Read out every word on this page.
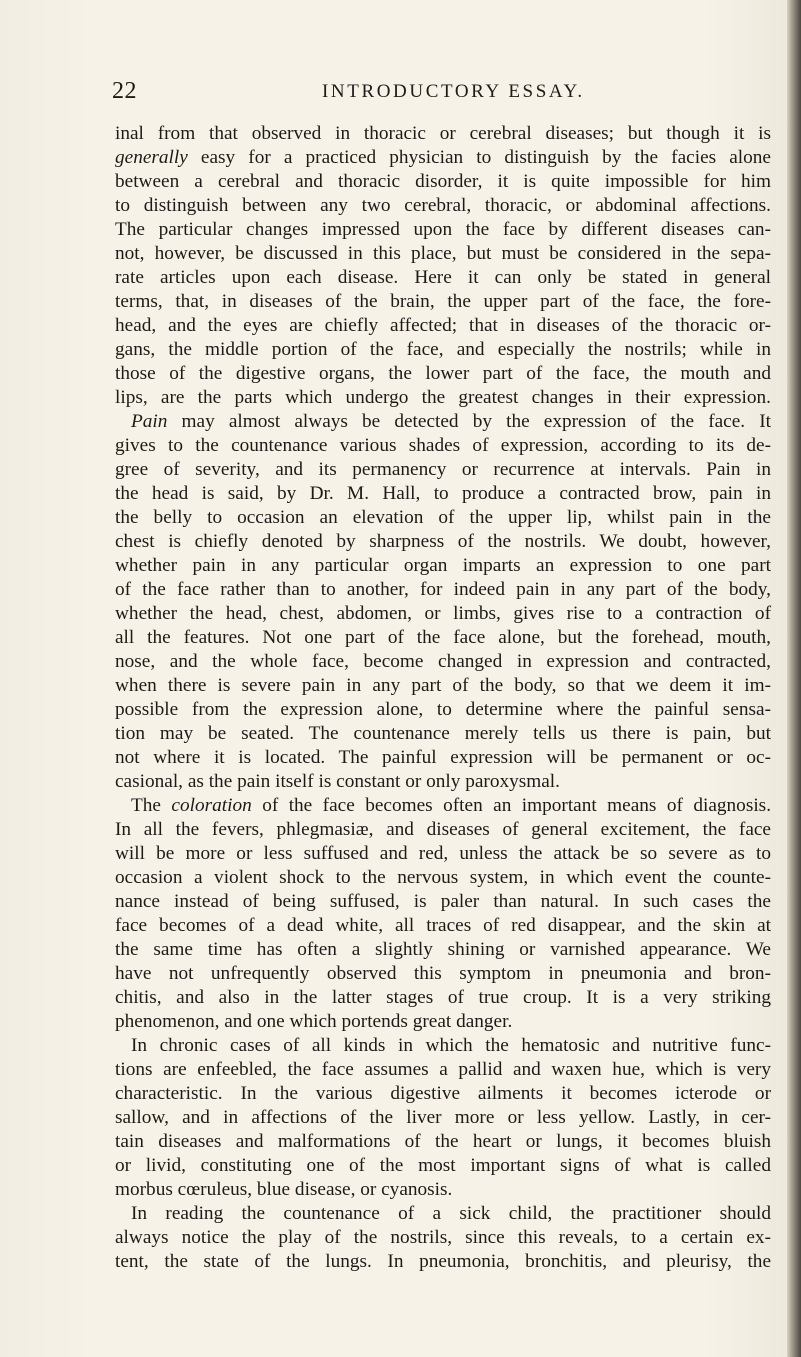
22	INTRODUCTORY ESSAY.
inal from that observed in thoracic or cerebral diseases; but though it is
generally easy for a practiced physician to distinguish by the facies alone
between a cerebral and thoracic disorder, it is quite impossible for him
to distinguish between any two cerebral, thoracic, or abdominal affections.
The particular changes impressed upon the face by different diseases can-
not, however, be discussed in this place, but must be considered in the sepa-
rate articles upon each disease. Here it can only be stated in general
terms, that, in diseases of the brain, the upper part of the face, the fore-
head, and the eyes are chiefly affected; that in diseases of the thoracic or-
gans, the middle portion of the face, and especially the nostrils; while in
those of the digestive organs, the lower part of the face, the mouth and
lips, are the parts which undergo the greatest changes in their expression.
Pain may almost always be detected by the expression of the face. It
gives to the countenance various shades of expression, according to its de-
gree of severity, and its permanency or recurrence at intervals. Pain in
the head is said, by Dr. M. Hall, to produce a contracted brow, pain in
the belly to occasion an elevation of the upper lip, whilst pain in the
chest is chiefly denoted by sharpness of the nostrils. We doubt, however,
whether pain in any particular organ imparts an expression to one part
of the face rather than to another, for indeed pain in any part of the body,
whether the head, chest, abdomen, or limbs, gives rise to a contraction of
all the features. Not one part of the face alone, but the forehead, mouth,
nose, and the whole face, become changed in expression and contracted,
when there is severe pain in any part of the body, so that we deem it im-
possible from the expression alone, to determine where the painful sensa-
tion may be seated. The countenance merely tells us there is pain, but
not where it is located. The painful expression will be permanent or oc-
casional, as the pain itself is constant or only paroxysmal.
The coloration of the face becomes often an important means of diagnosis.
In all the fevers, phlegmasiæ, and diseases of general excitement, the face
will be more or less suffused and red, unless the attack be so severe as to
occasion a violent shock to the nervous system, in which event the counte-
nance instead of being suffused, is paler than natural. In such cases the
face becomes of a dead white, all traces of red disappear, and the skin at
the same time has often a slightly shining or varnished appearance. We
have not unfrequently observed this symptom in pneumonia and bron-
chitis, and also in the latter stages of true croup. It is a very striking
phenomenon, and one which portends great danger.
In chronic cases of all kinds in which the hematosic and nutritive func-
tions are enfeebled, the face assumes a pallid and waxen hue, which is very
characteristic. In the various digestive ailments it becomes icterode or
sallow, and in affections of the liver more or less yellow. Lastly, in cer-
tain diseases and malformations of the heart or lungs, it becomes bluish
or livid, constituting one of the most important signs of what is called
morbus cœruleus, blue disease, or cyanosis.
In reading the countenance of a sick child, the practitioner should
always notice the play of the nostrils, since this reveals, to a certain ex-
tent, the state of the lungs. In pneumonia, bronchitis, and pleurisy, the
